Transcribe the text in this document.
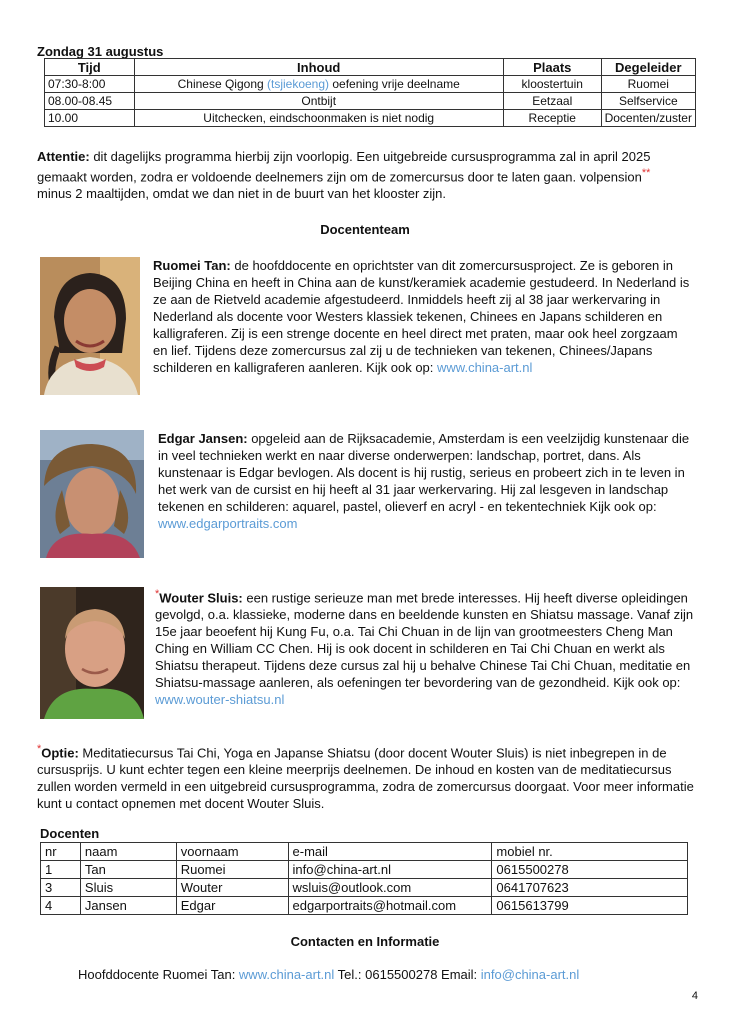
Zondag 31 augustus
Tijd	Inhoud	Plaats	Degeleider
07:30-8:00	Chinese Qigong (tsjiekoeng) oefening vrije deelname	kloostertuin	Ruomei
08.00-08.45	Ontbijt	Eetzaal	Selfservice
10.00	Uitchecken, eindschoonmaken is niet nodig	Receptie	Docenten/zuster
Attentie: dit dagelijks programma hierbij zijn voorlopig. Een uitgebreide cursusprogramma zal in april 2025 gemaakt worden, zodra er voldoende deelnemers zijn om de zomercursus door te laten gaan. volpension** minus 2 maaltijden, omdat we dan niet in de buurt van het klooster zijn.
Docententeam
Ruomei Tan: de hoofddocente en oprichtster van dit zomercursusproject. Ze is geboren in Beijing China en heeft in China aan de kunst/keramiek academie gestudeerd. In Nederland is ze aan de Rietveld academie afgestudeerd. Inmiddels heeft zij al 38 jaar werkervaring in Nederland als docente voor Westers klassiek tekenen, Chinees en Japans schilderen en kalligraferen. Zij is een strenge docente en heel direct met praten, maar ook heel zorgzaam en lief. Tijdens deze zomercursus zal zij u de technieken van tekenen, Chinees/Japans schilderen en kalligraferen aanleren. Kijk ook op: www.china-art.nl
Edgar Jansen: opgeleid aan de Rijksacademie, Amsterdam is een veelzijdig kunstenaar die in veel technieken werkt en naar diverse onderwerpen: landschap, portret, dans. Als kunstenaar is Edgar bevlogen. Als docent is hij rustig, serieus en probeert zich in te leven in het werk van de cursist en hij heeft al 31 jaar werkervaring. Hij zal lesgeven in landschap tekenen en schilderen: aquarel, pastel, olieverf en acryl - en tekentechniek Kijk ook op: www.edgarportraits.com
*Wouter Sluis: een rustige serieuze man met brede interesses. Hij heeft diverse opleidingen gevolgd, o.a. klassieke, moderne dans en beeldende kunsten en Shiatsu massage. Vanaf zijn 15e jaar beoefent hij Kung Fu, o.a. Tai Chi Chuan in de lijn van grootmeesters Cheng Man Ching en William CC Chen. Hij is ook docent in schilderen en Tai Chi Chuan en werkt als Shiatsu therapeut. Tijdens deze cursus zal hij u behalve Chinese Tai Chi Chuan, meditatie en Shiatsu-massage aanleren, als oefeningen ter bevordering van de gezondheid. Kijk ook op: www.wouter-shiatsu.nl
*Optie: Meditatiecursus Tai Chi, Yoga en Japanse Shiatsu (door docent Wouter Sluis) is niet inbegrepen in de cursusprijs. U kunt echter tegen een kleine meerprijs deelnemen. De inhoud en kosten van de meditatiecursus zullen worden vermeld in een uitgebreid cursusprogramma, zodra de zomercursus doorgaat. Voor meer informatie kunt u contact opnemen met docent Wouter Sluis.
Docenten
nr	naam	voornaam	e-mail	mobiel nr.
1	Tan	Ruomei	info@china-art.nl	0615500278
3	Sluis	Wouter	wsluis@outlook.com	0641707623
4	Jansen	Edgar	edgarportraits@hotmail.com	0615613799
Contacten en Informatie
Hoofddocente Ruomei Tan: www.china-art.nl Tel.: 0615500278 Email: info@china-art.nl
4
